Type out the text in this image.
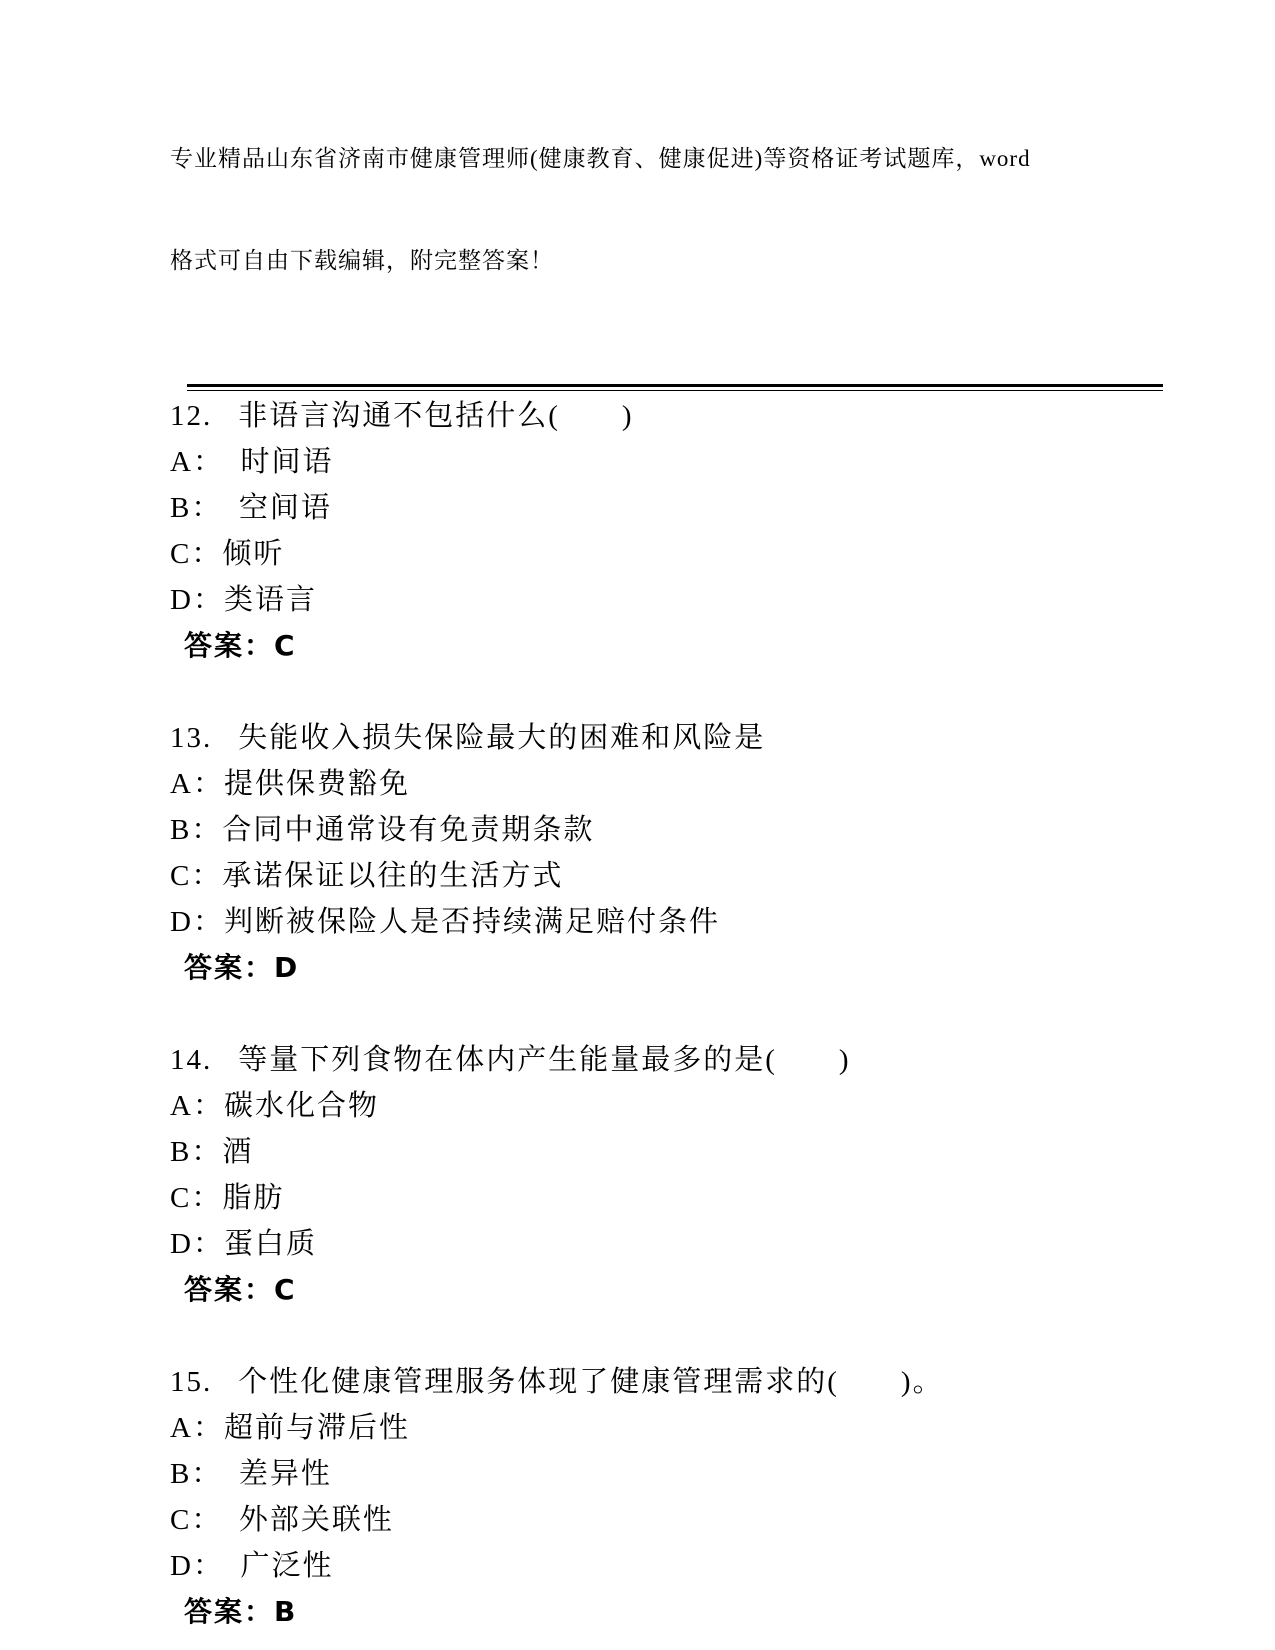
专业精品山东省济南市健康管理师(健康教育、健康促进)等资格证考试题库，word

格式可自由下载编辑，附完整答案！

12. 非语言沟通不包括什么(　　)
A：　时间语
B：　空间语
C：倾听
D：类语言
答案：C
13. 失能收入损失保险最大的困难和风险是
A：提供保费豁免
B：合同中通常设有免责期条款
C：承诺保证以往的生活方式
D：判断被保险人是否持续满足赔付条件
答案：D
14. 等量下列食物在体内产生能量最多的是(　　)
A：碳水化合物
B：酒
C：脂肪
D：蛋白质
答案：C
15. 个性化健康管理服务体现了健康管理需求的(　　)。
A：超前与滞后性
B：　差异性
C：　外部关联性
D：　广泛性
答案：B
